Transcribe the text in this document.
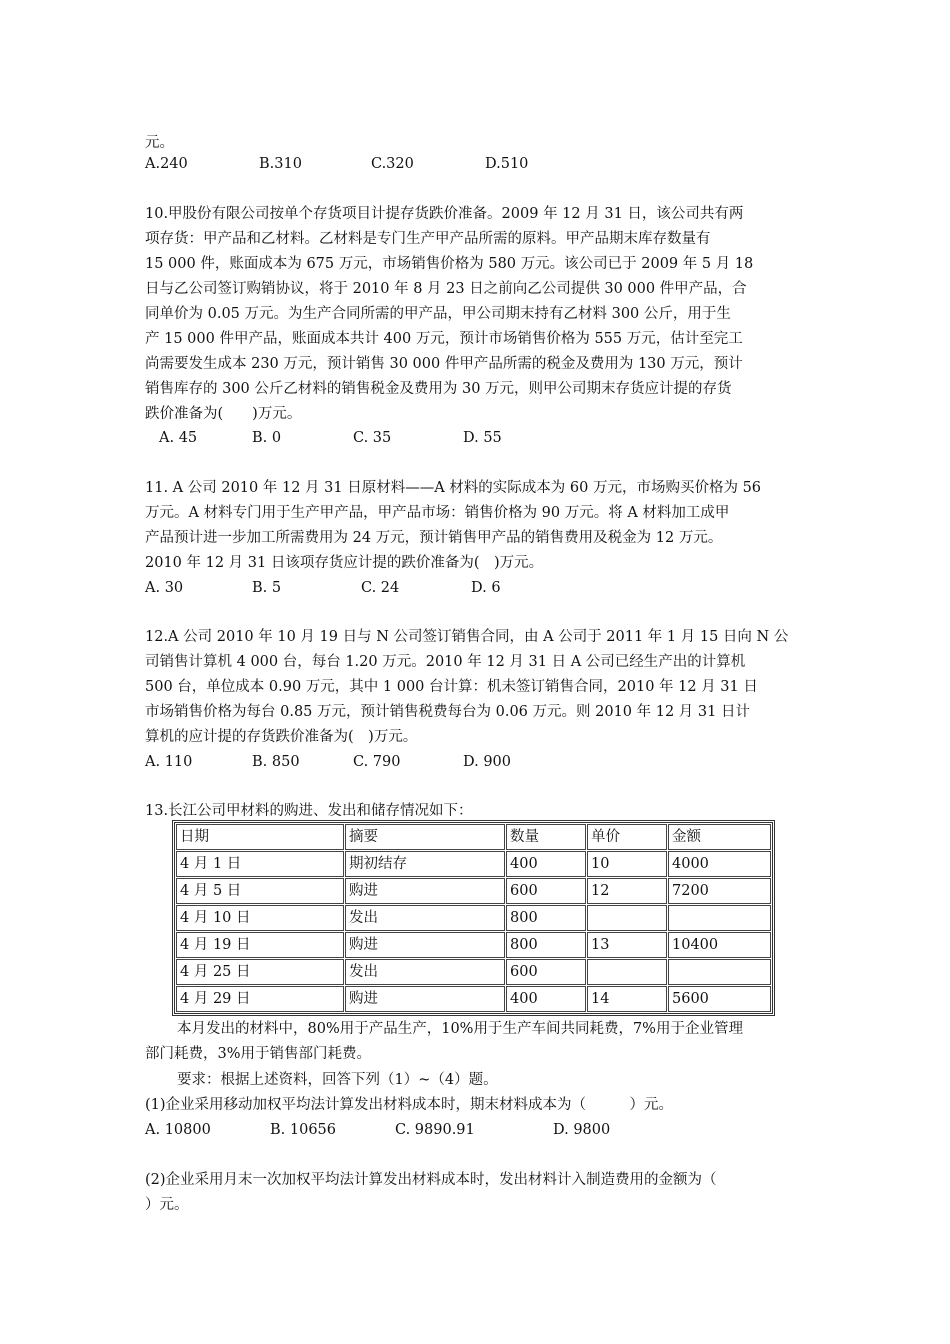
元。
A.240	B.310	C.320	D.510
10.甲股份有限公司按单个存货项目计提存货跌价准备。2009 年 12 月 31 日，该公司共有两
项存货：甲产品和乙材料。乙材料是专门生产甲产品所需的原料。甲产品期末库存数量有
15 000 件，账面成本为 675 万元，市场销售价格为 580 万元。该公司已于 2009 年 5 月 18
日与乙公司签订购销协议，将于 2010 年 8 月 23 日之前向乙公司提供 30 000 件甲产品，合
同单价为 0.05 万元。为生产合同所需的甲产品，甲公司期末持有乙材料 300 公斤，用于生
产 15 000 件甲产品，账面成本共计 400 万元，预计市场销售价格为 555 万元，估计至完工
尚需要发生成本 230 万元，预计销售 30 000 件甲产品所需的税金及费用为 130 万元，预计
销售库存的 300 公斤乙材料的销售税金及费用为 30 万元，则甲公司期末存货应计提的存货
跌价准备为(　　)万元。
A. 45	B. 0	C. 35	D. 55
11. A 公司 2010 年 12 月 31 日原材料——A 材料的实际成本为 60 万元，市场购买价格为 56
万元。A 材料专门用于生产甲产品，甲产品市场：销售价格为 90 万元。将 A 材料加工成甲
产品预计进一步加工所需费用为 24 万元，预计销售甲产品的销售费用及税金为 12 万元。
2010 年 12 月 31 日该项存货应计提的跌价准备为(　)万元。
A. 30	B. 5	C. 24	D. 6
12.A 公司 2010 年 10 月 19 日与 N 公司签订销售合同，由 A 公司于 2011 年 1 月 15 日向 N 公
司销售计算机 4 000 台，每台 1.20 万元。2010 年 12 月 31 日 A 公司已经生产出的计算机
500 台，单位成本 0.90 万元，其中 1 000 台计算：机未签订销售合同，2010 年 12 月 31 日
市场销售价格为每台 0.85 万元，预计销售税费每台为 0.06 万元。则 2010 年 12 月 31 日计
算机的应计提的存货跌价准备为(　)万元。
A. 110	B. 850	C. 790	D. 900
13.长江公司甲材料的购进、发出和储存情况如下：
日期	摘要	数量	单价	金额
4 月 1 日	期初结存	400	10	4000
4 月 5 日	购进	600	12	7200
4 月 10 日	发出	800		
4 月 19 日	购进	800	13	10400
4 月 25 日	发出	600		
4 月 29 日	购进	400	14	5600
本月发出的材料中，80%用于产品生产，10%用于生产车间共同耗费，7%用于企业管理
部门耗费，3%用于销售部门耗费。
要求：根据上述资料，回答下列（1）~（4）题。
(1)企业采用移动加权平均法计算发出材料成本时，期末材料成本为（　　　）元。
A. 10800	B. 10656	C. 9890.91	D. 9800
(2)企业采用月末一次加权平均法计算发出材料成本时，发出材料计入制造费用的金额为（
）元。
